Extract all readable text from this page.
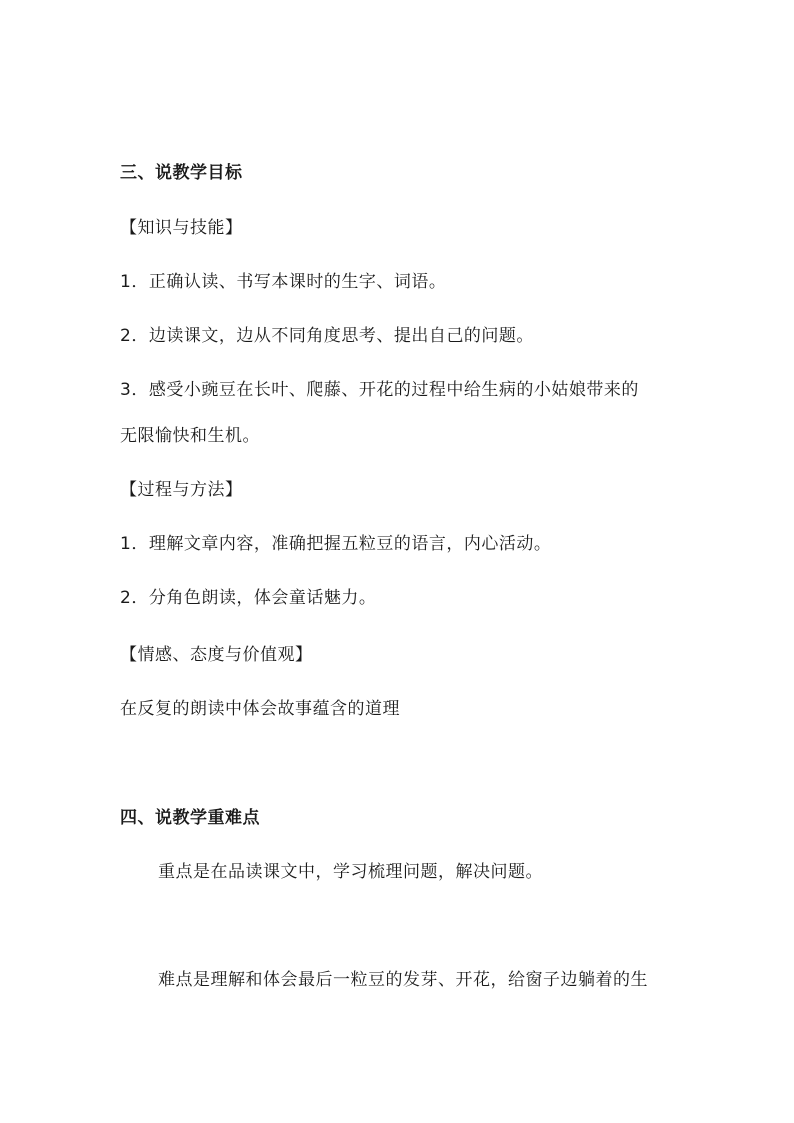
三、说教学目标
【知识与技能】
1．正确认读、书写本课时的生字、词语。
2．边读课文，边从不同角度思考、提出自己的问题。
3．感受小豌豆在长叶、爬藤、开花的过程中给生病的小姑娘带来的
无限愉快和生机。
【过程与方法】
1．理解文章内容，准确把握五粒豆的语言，内心活动。
2．分角色朗读，体会童话魅力。
【情感、态度与价值观】
在反复的朗读中体会故事蕴含的道理
四、说教学重难点
重点是在品读课文中，学习梳理问题，解决问题。
难点是理解和体会最后一粒豆的发芽、开花，给窗子边躺着的生
